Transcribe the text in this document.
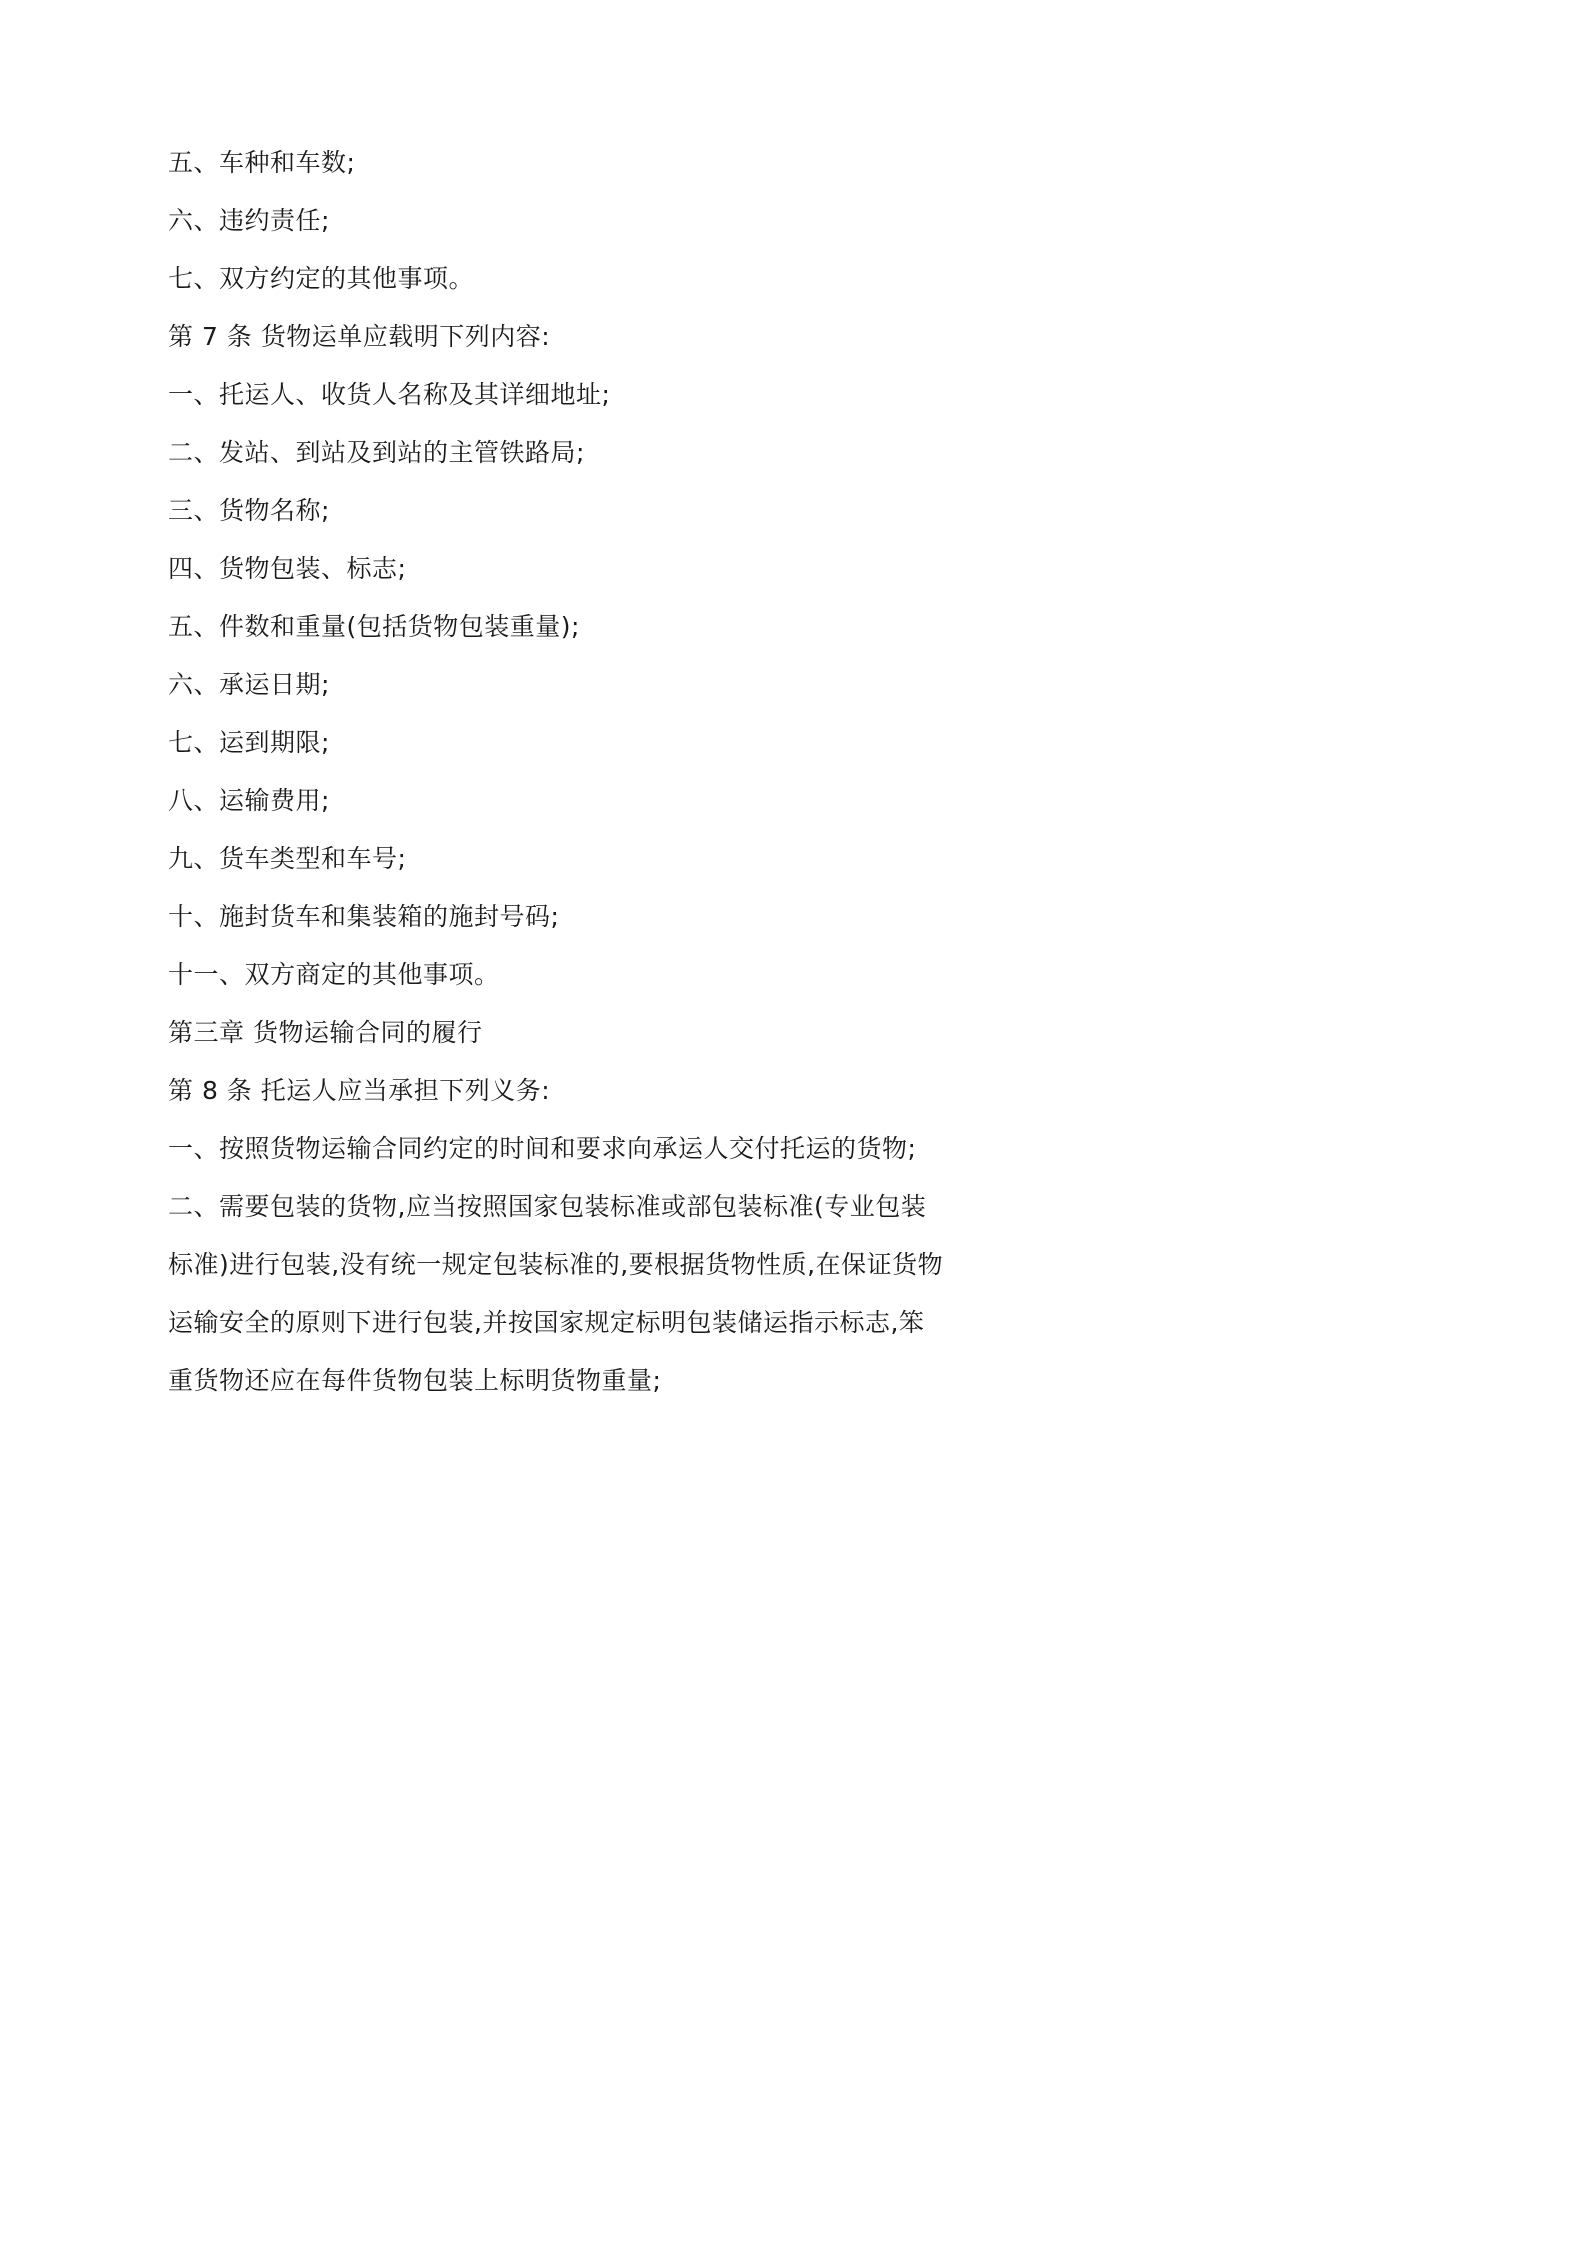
五、车种和车数;
六、违约责任;
七、双方约定的其他事项。
第 7 条 货物运单应载明下列内容:
一、托运人、收货人名称及其详细地址;
二、发站、到站及到站的主管铁路局;
三、货物名称;
四、货物包装、标志;
五、件数和重量(包括货物包装重量);
六、承运日期;
七、运到期限;
八、运输费用;
九、货车类型和车号;
十、施封货车和集装箱的施封号码;
十一、双方商定的其他事项。
第三章 货物运输合同的履行
第 8 条 托运人应当承担下列义务:
一、按照货物运输合同约定的时间和要求向承运人交付托运的货物;
二、需要包装的货物,应当按照国家包装标准或部包装标准(专业包装标准)进行包装,没有统一规定包装标准的,要根据货物性质,在保证货物运输安全的原则下进行包装,并按国家规定标明包装储运指示标志,笨重货物还应在每件货物包装上标明货物重量;
